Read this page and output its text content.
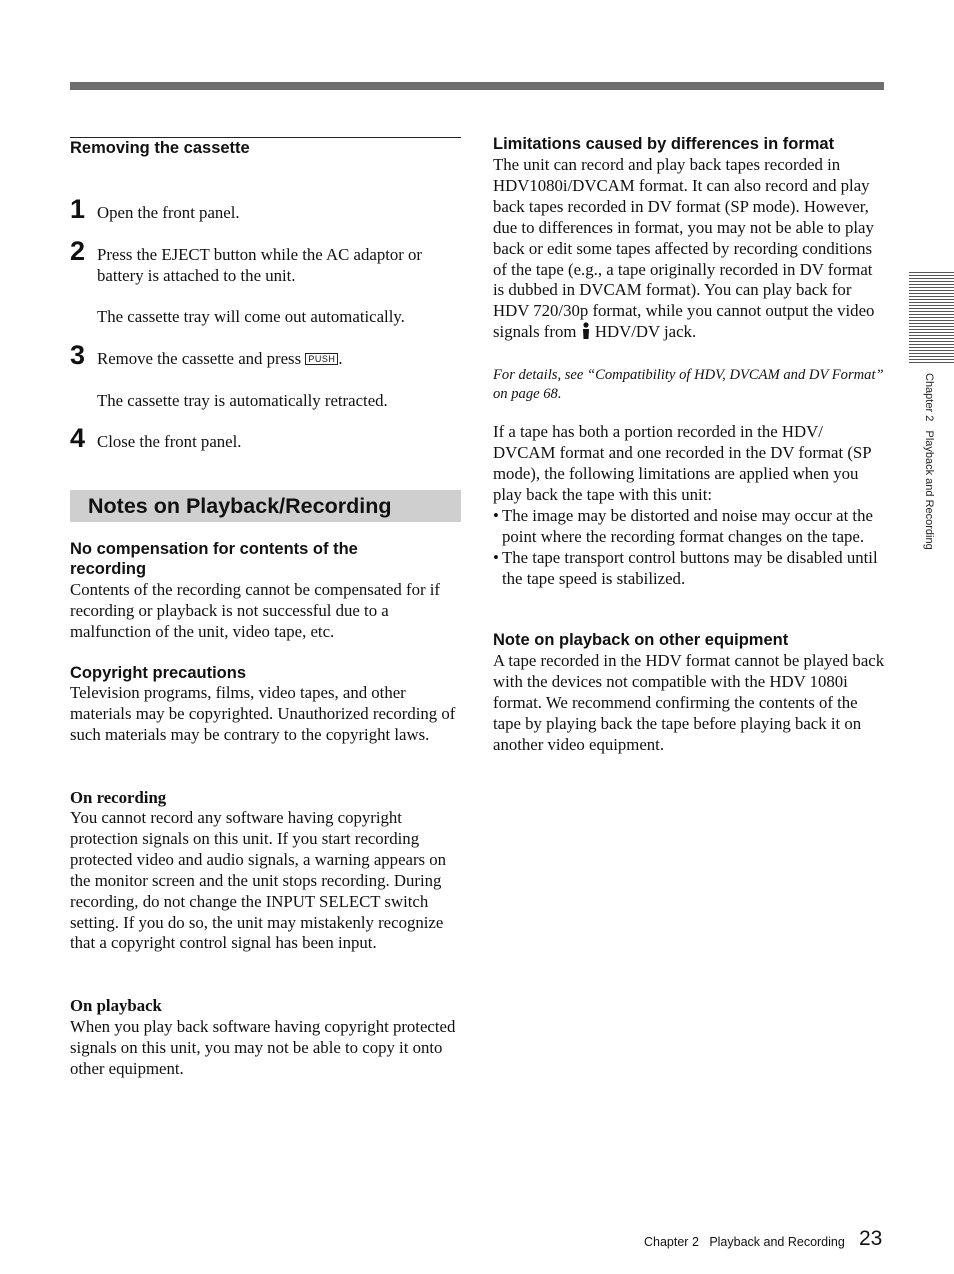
Removing the cassette
1 Open the front panel.
2 Press the EJECT button while the AC adaptor or battery is attached to the unit.
The cassette tray will come out automatically.
3 Remove the cassette and press PUSH .
The cassette tray is automatically retracted.
4 Close the front panel.
Notes on Playback/Recording
No compensation for contents of the recording
Contents of the recording cannot be compensated for if recording or playback is not successful due to a malfunction of the unit, video tape, etc.
Copyright precautions
Television programs, films, video tapes, and other materials may be copyrighted. Unauthorized recording of such materials may be contrary to the copyright laws.
On recording
You cannot record any software having copyright protection signals on this unit. If you start recording protected video and audio signals, a warning appears on the monitor screen and the unit stops recording. During recording, do not change the INPUT SELECT switch setting. If you do so, the unit may mistakenly recognize that a copyright control signal has been input.
On playback
When you play back software having copyright protected signals on this unit, you may not be able to copy it onto other equipment.
Limitations caused by differences in format
The unit can record and play back tapes recorded in HDV1080i/DVCAM format. It can also record and play back tapes recorded in DV format (SP mode). However, due to differences in format, you may not be able to play back or edit some tapes affected by recording conditions of the tape (e.g., a tape originally recorded in DV format is dubbed in DVCAM format). You can play back for HDV 720/30p format, while you cannot output the video signals from HDV/DV jack.
For details, see “Compatibility of HDV, DVCAM and DV Format” on page 68.
If a tape has both a portion recorded in the HDV/ DVCAM format and one recorded in the DV format (SP mode), the following limitations are applied when you play back the tape with this unit:
• The image may be distorted and noise may occur at the point where the recording format changes on the tape.
• The tape transport control buttons may be disabled until the tape speed is stabilized.
Note on playback on other equipment
A tape recorded in the HDV format cannot be played back with the devices not compatible with the HDV 1080i format. We recommend confirming the contents of the tape by playing back the tape before playing back it on another video equipment.
Chapter 2   Playback and Recording
Chapter 2   Playback and Recording 23
